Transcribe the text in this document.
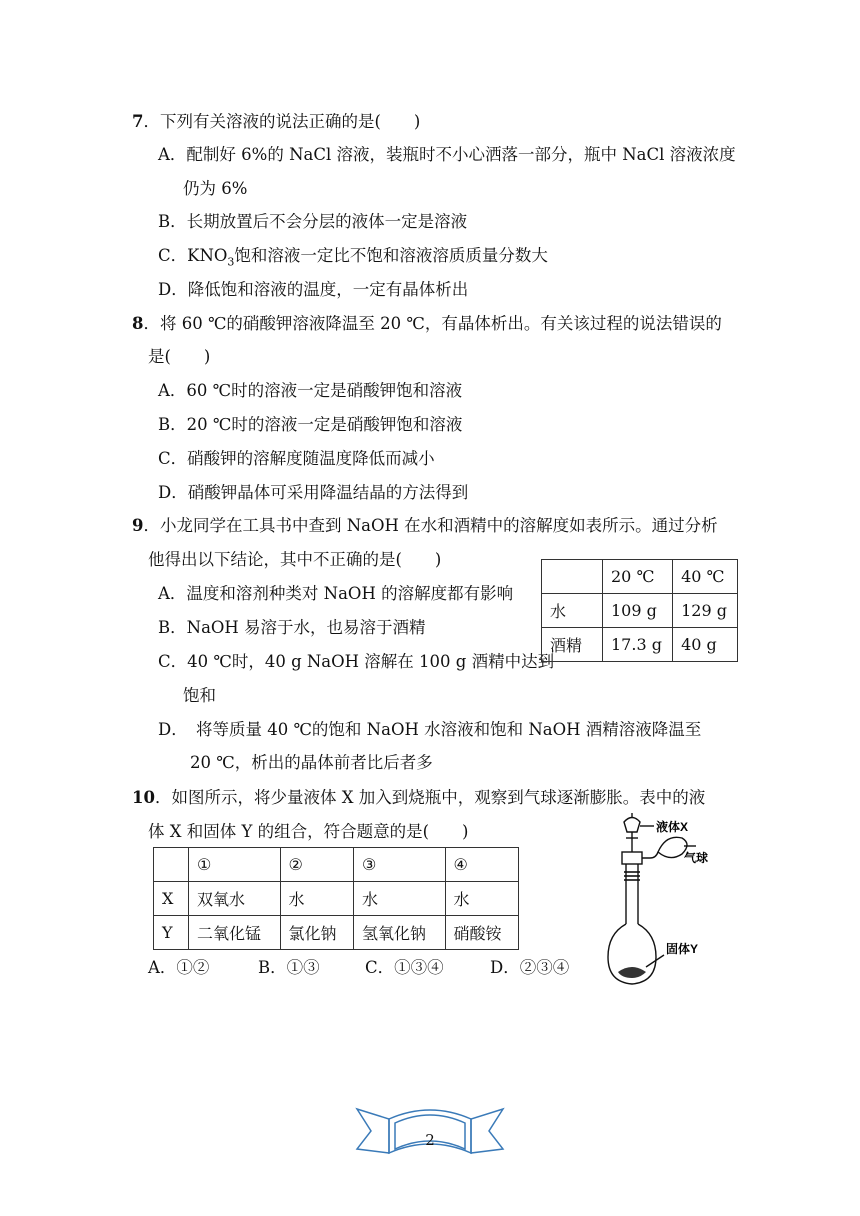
7．下列有关溶液的说法正确的是(　　)
A．配制好 6%的 NaCl 溶液，装瓶时不小心洒落一部分，瓶中 NaCl 溶液浓度
仍为 6%
B．长期放置后不会分层的液体一定是溶液
C．$KNO_3$饱和溶液一定比不饱和溶液溶质质量分数大
D．降低饱和溶液的温度，一定有晶体析出
8．将 60 ℃的硝酸钾溶液降温至 20 ℃，有晶体析出。有关该过程的说法错误的
是(　　)
A．60 ℃时的溶液一定是硝酸钾饱和溶液
B．20 ℃时的溶液一定是硝酸钾饱和溶液
C．硝酸钾的溶解度随温度降低而减小
D．硝酸钾晶体可采用降温结晶的方法得到
9．小龙同学在工具书中查到 NaOH 在水和酒精中的溶解度如表所示。通过分析
他得出以下结论，其中不正确的是(　　)
A．温度和溶剂种类对 NaOH 的溶解度都有影响
B．NaOH 易溶于水，也易溶于酒精
C．40 ℃时，40 g NaOH 溶解在 100 g 酒精中达到
饱和
D．　将等质量 40 ℃的饱和 NaOH 水溶液和饱和 NaOH 酒精溶液降温至
20 ℃，析出的晶体前者比后者多
	20 ℃	40 ℃
水	109 g	129 g
酒精	17.3 g	40 g
10．如图所示，将少量液体 X 加入到烧瓶中，观察到气球逐渐膨胀。表中的液
体 X 和固体 Y 的组合，符合题意的是(　　)
	①	②	③	④
X	双氧水	水	水	水
Y	二氧化锰	氯化钠	氢氧化钠	硝酸铵
A．①②	B．①③	C．①③④	D．②③④
液体X
气球
固体Y
2
